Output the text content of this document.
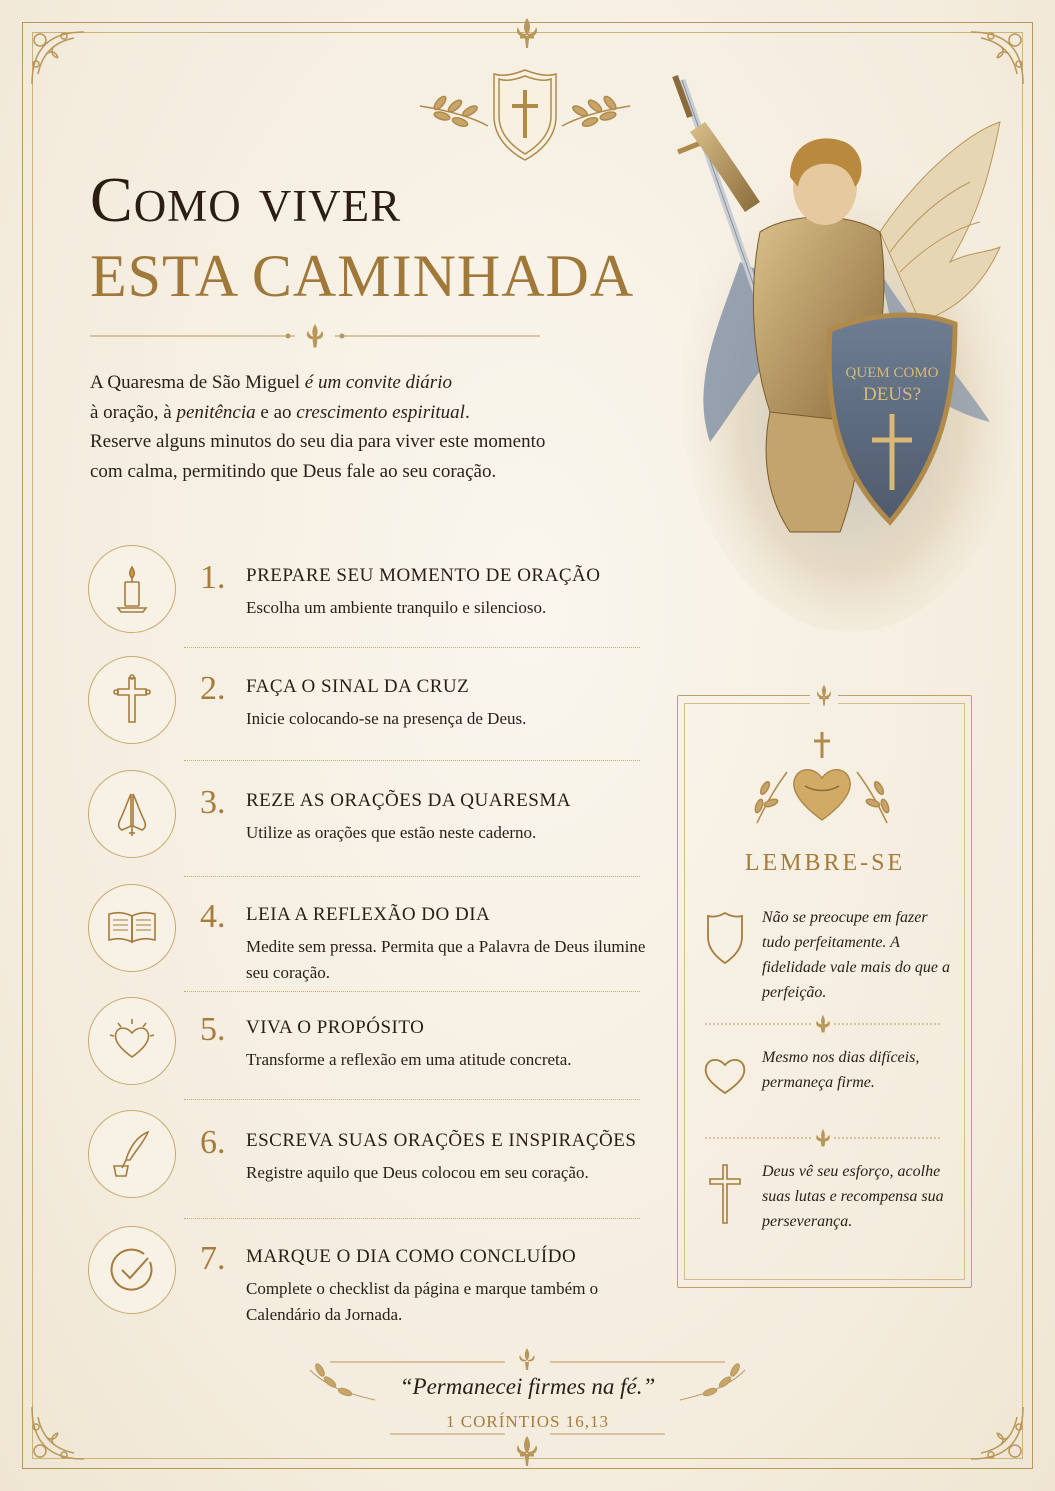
Como viver
ESTA CAMINHADA
A Quaresma de São Miguel é um convite diário
à oração, à penitência e ao crescimento espiritual.
Reserve alguns minutos do seu dia para viver este momento com calma, permitindo que Deus fale ao seu coração.
QUEM COMO
DEUS?
1. PREPARE SEU MOMENTO DE ORAÇÃO
Escolha um ambiente tranquilo e silencioso.
2. FAÇA O SINAL DA CRUZ
Inicie colocando-se na presença de Deus.
3. REZE AS ORAÇÕES DA QUARESMA
Utilize as orações que estão neste caderno.
4. LEIA A REFLEXÃO DO DIA
Medite sem pressa. Permita que a Palavra de Deus ilumine seu coração.
5. VIVA O PROPÓSITO
Transforme a reflexão em uma atitude concreta.
6. ESCREVA SUAS ORAÇÕES E INSPIRAÇÕES
Registre aquilo que Deus colocou em seu coração.
7. MARQUE O DIA COMO CONCLUÍDO
Complete o checklist da página e marque também o Calendário da Jornada.
LEMBRE-SE
Não se preocupe em fazer tudo perfeitamente. A fidelidade vale mais do que a perfeição.
Mesmo nos dias difíceis, permaneça firme.
Deus vê seu esforço, acolhe suas lutas e recompensa sua perseverança.
“Permanecei firmes na fé.”
1 CORÍNTIOS 16,13
